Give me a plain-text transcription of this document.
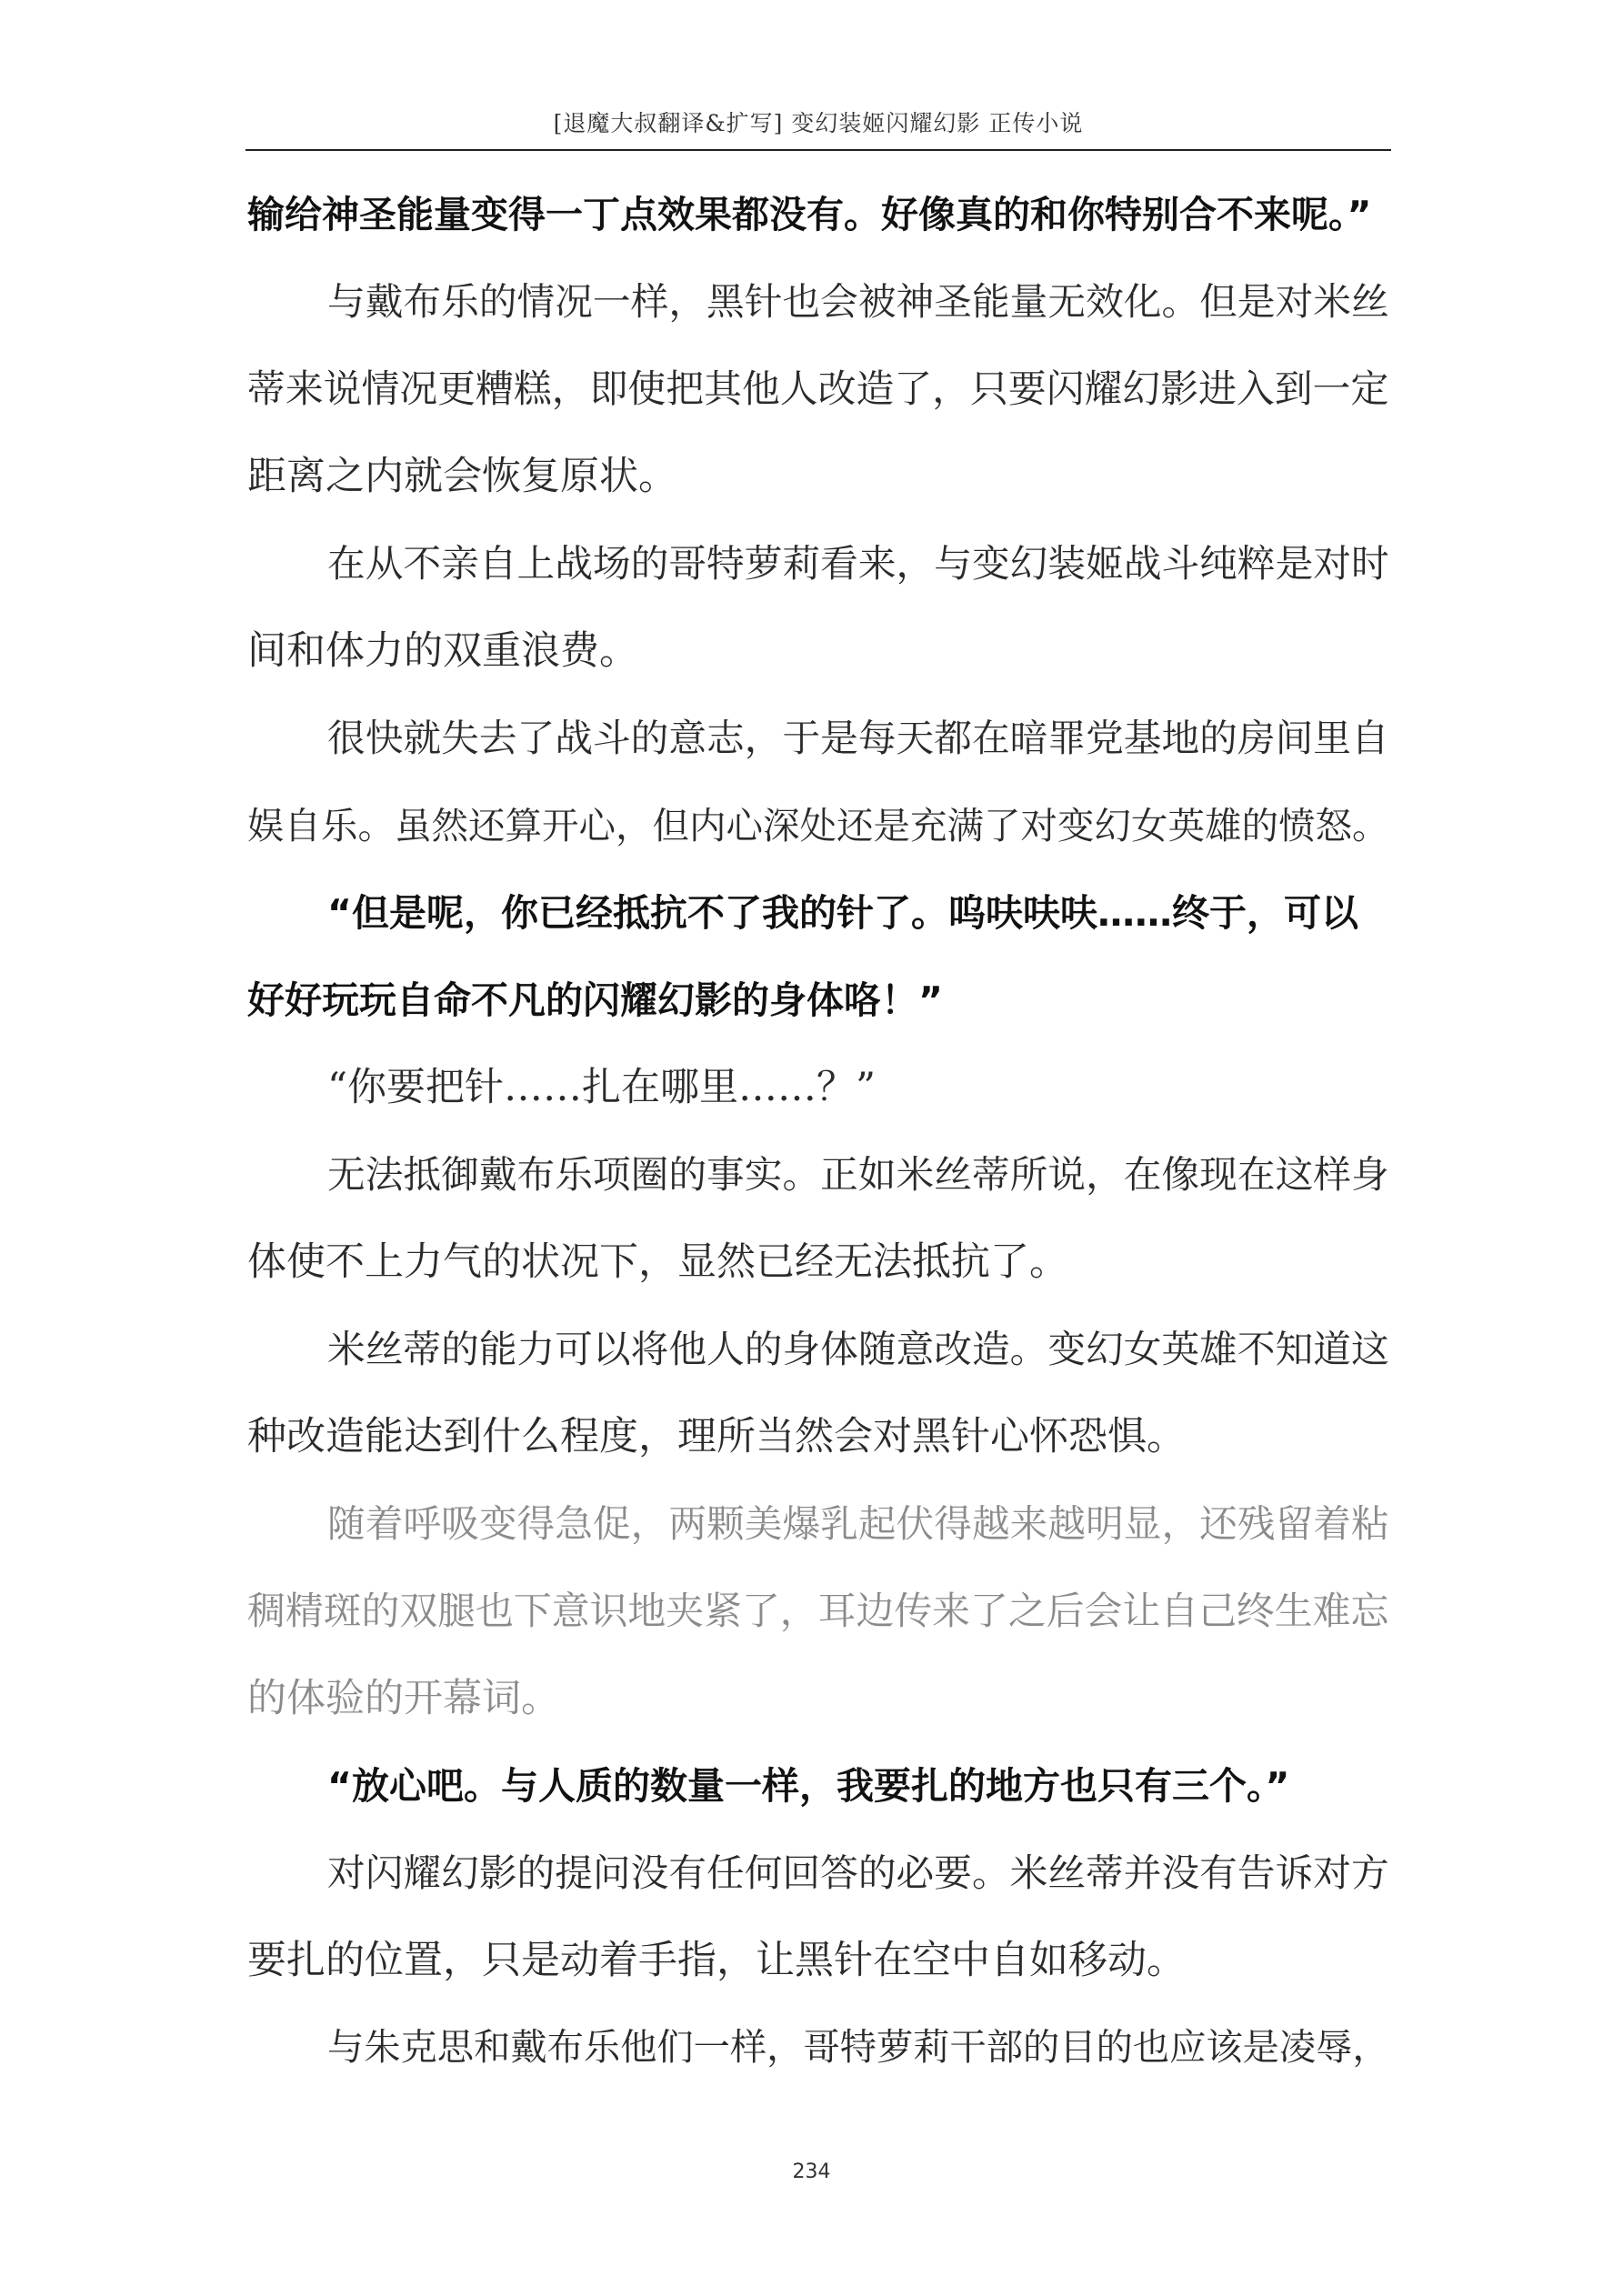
[退魔大叔翻译&扩写] 变幻装姬闪耀幻影 正传小说
输给神圣能量变得一丁点效果都没有。好像真的和你特别合不来呢。”
与戴布乐的情况一样，黑针也会被神圣能量无效化。但是对米丝
蒂来说情况更糟糕，即使把其他人改造了，只要闪耀幻影进入到一定
距离之内就会恢复原状。
在从不亲自上战场的哥特萝莉看来，与变幻装姬战斗纯粹是对时
间和体力的双重浪费。
很快就失去了战斗的意志，于是每天都在暗罪党基地的房间里自
娱自乐。虽然还算开心，但内心深处还是充满了对变幻女英雄的愤怒。
“但是呢，你已经抵抗不了我的针了。呜呋呋呋……终于，可以
好好玩玩自命不凡的闪耀幻影的身体咯！”
“你要把针……扎在哪里……？”
无法抵御戴布乐项圈的事实。正如米丝蒂所说，在像现在这样身
体使不上力气的状况下，显然已经无法抵抗了。
米丝蒂的能力可以将他人的身体随意改造。变幻女英雄不知道这
种改造能达到什么程度，理所当然会对黑针心怀恐惧。
随着呼吸变得急促，两颗美爆乳起伏得越来越明显，还残留着粘
稠精斑的双腿也下意识地夹紧了，耳边传来了之后会让自己终生难忘
的体验的开幕词。
“放心吧。与人质的数量一样，我要扎的地方也只有三个。”
对闪耀幻影的提问没有任何回答的必要。米丝蒂并没有告诉对方
要扎的位置，只是动着手指，让黑针在空中自如移动。
与朱克思和戴布乐他们一样，哥特萝莉干部的目的也应该是凌辱，
234
